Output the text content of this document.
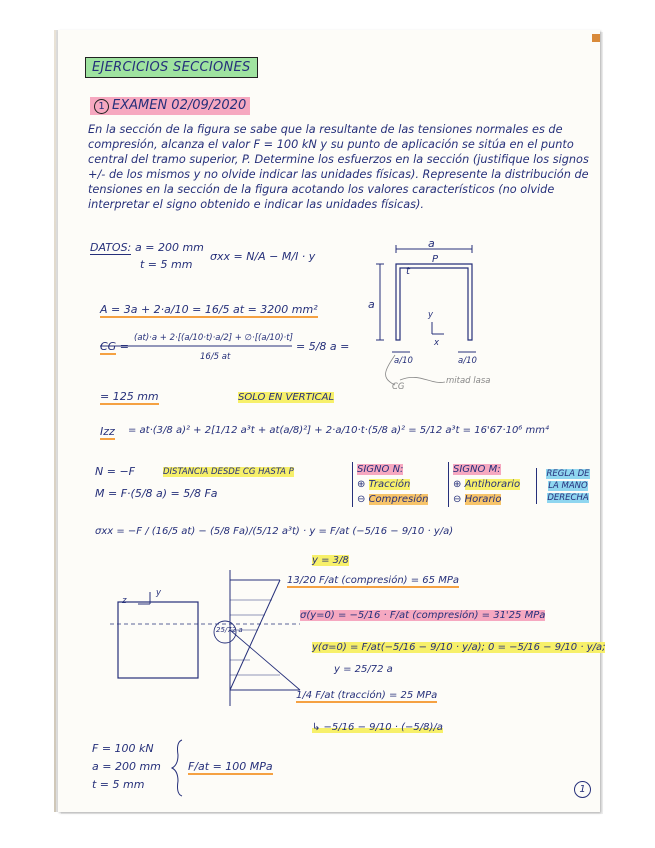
EJERCICIOS SECCIONES
1 EXAMEN 02/09/2020
En la sección de la figura se sabe que la resultante de las tensiones normales es de compresión, alcanza el valor F = 100 kN y su punto de aplicación se sitúa en el punto central del tramo superior, P. Determine los esfuerzos en la sección (justifique los signos +/- de los mismos y no olvide indicar las unidades físicas). Represente la distribución de tensiones en la sección de la figura acotando los valores característicos (no olvide interpretar el signo obtenido e indicar las unidades físicas).
DATOS: a = 200 mm
t = 5 mm
σxx = N/A − M/I · y
a
a
t
P
a/10	a/10
y
x
CG
mitad lasa
A = 3a + 2·a/10 = 16/5 at = 3200 mm²
CG =
(at)·a + 2·[(a/10·t)·a/2] + ∅·[(a/10)·t]
16/5 at
= 5/8 a =
= 125 mm	SOLO EN VERTICAL
Izz = at·(3/8 a)² + 2[1/12 a³t + at(a/8)²] + 2·a/10·t·(5/8 a)² = 5/12 a³t = 16'67·10⁶ mm⁴
N = −F
M = F·(5/8 a) = 5/8 Fa
DISTANCIA DESDE CG HASTA P	SIGNO N:
⊕ Tracción
⊖ Compresión
SIGNO M:
⊕ Antihorario
⊖ Horario
REGLA DE LA MANO DERECHA
σxx = −F / (16/5 at) − (5/8 Fa)/(5/12 a³t) · y = F/at (−5/16 − 9/10 · y/a)
y = 3/8
13/20 F/at (compresión) = 65 MPa
σ(y=0) = −5/16 · F/at (compresión) = 31'25 MPa
y(σ=0) = F/at(−5/16 − 9/10 · y/a); 0 = −5/16 − 9/10 · y/a;
y = 25/72 a
1/4 F/at (tracción) = 25 MPa
↳ −5/16 − 9/10 · (−5/8)/a
25/72 a
z
y
F = 100 kN
a = 200 mm
t = 5 mm
F/at = 100 MPa
1
